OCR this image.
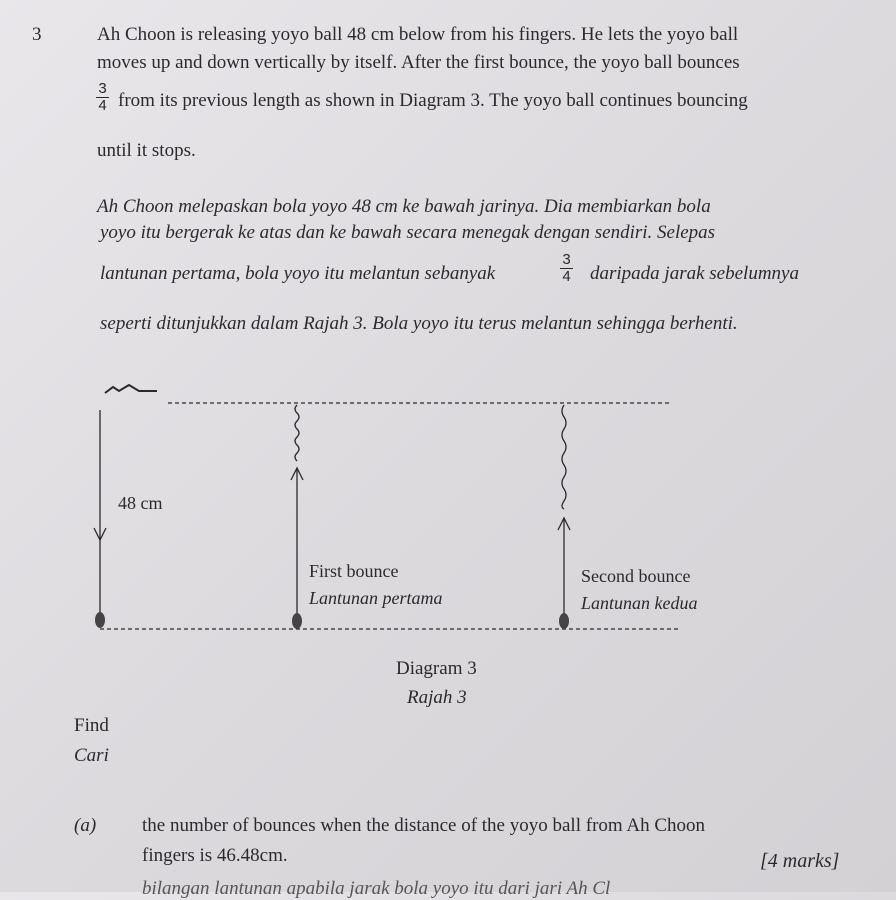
3	Ah Choon is releasing yoyo ball 48 cm below from his fingers. He lets the yoyo ball
moves up and down vertically by itself. After the first bounce, the yoyo ball bounces
3
4 from its previous length as shown in Diagram 3. The yoyo ball continues bouncing
until it stops.
Ah Choon melepaskan bola yoyo 48 cm ke bawah jarinya. Dia membiarkan bola
yoyo itu bergerak ke atas dan ke bawah secara menegak dengan sendiri. Selepas
lantunan pertama, bola yoyo itu melantun sebanyak
3
4 daripada jarak sebelumnya
seperti ditunjukkan dalam Rajah 3. Bola yoyo itu terus melantun sehingga berhenti.
48 cm
First bounce
Lantunan pertama
Second bounce
Lantunan kedua
Diagram 3
Rajah 3
Find
Cari
(a) the number of bounces when the distance of the yoyo ball from Ah Choon
fingers is 46.48cm.	[4 marks]
bilangan lantunan apabila jarak bola yoyo itu dari jari Ah Cl
